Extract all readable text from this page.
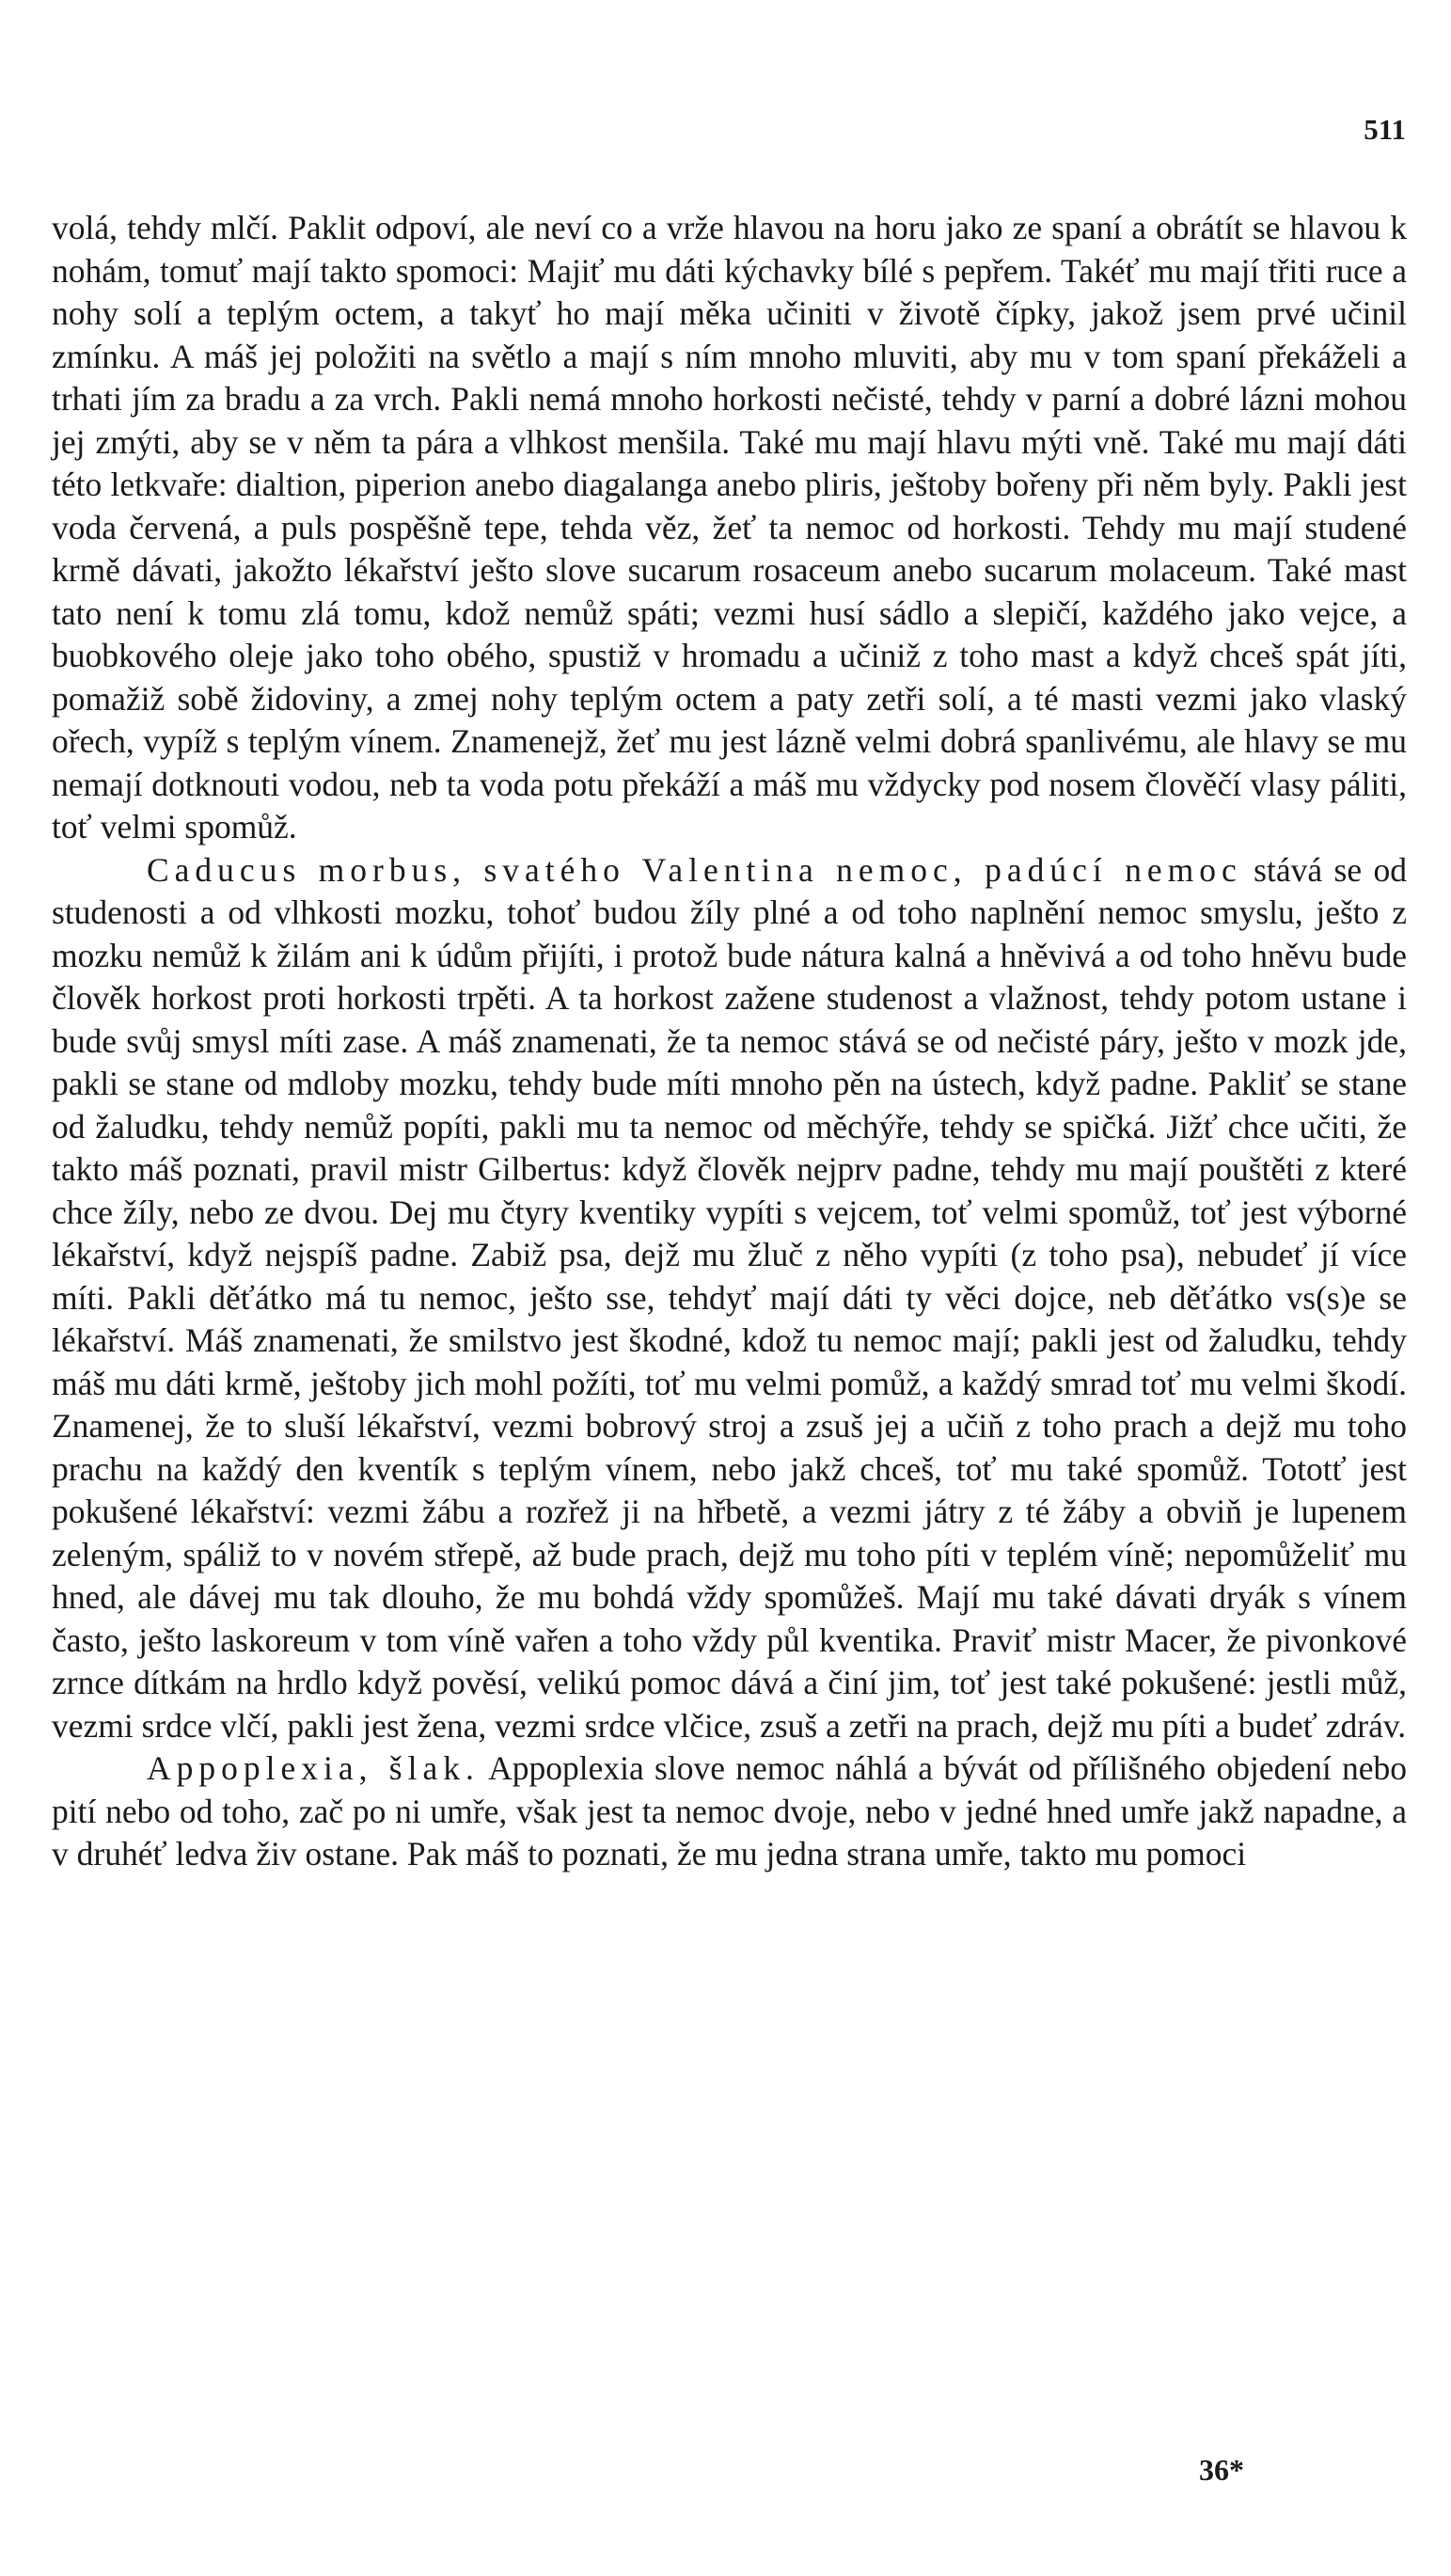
511

volá, tehdy mlčí. Paklit odpoví, ale neví co a vrže hlavou na horu jako ze spaní a obrátít se hlavou k nohám, tomuť mají takto spomoci: Majiť mu dáti kýchavky bílé s pepřem. Takéť mu mají třiti ruce a nohy solí a teplým octem, a takyť ho mají měka učiniti v životě čípky, jakož jsem prvé učinil zmínku. A máš jej položiti na světlo a mají s ním mnoho mluviti, aby mu v tom spaní překáželi a trhati jím za bradu a za vrch. Pakli nemá mnoho horkosti nečisté, tehdy v parní a dobré lázni mohou jej zmýti, aby se v něm ta pára a vlhkost menšila. Také mu mají hlavu mýti vně. Také mu mají dáti této letkvaře: dialtion, piperion anebo diagalanga anebo pliris, ještoby bořeny při něm byly. Pakli jest voda červená, a puls pospěšně tepe, tehda věz, žeť ta nemoc od horkosti. Tehdy mu mají studené krmě dávati, jakožto lékařství ješto slove sucarum rosaceum anebo sucarum molaceum. Také mast tato není k tomu zlá tomu, kdož nemůž spáti; vezmi husí sádlo a slepičí, každého jako vejce, a buobkového oleje jako toho obého, spustiž v hromadu a učiniž z toho mast a když chceš spát jíti, pomažiž sobě židoviny, a zmej nohy teplým octem a paty zetři solí, a té masti vezmi jako vlaský ořech, vypíž s teplým vínem. Znamenejž, žeť mu jest lázně velmi dobrá spanlivému, ale hlavy se mu nemají dotknouti vodou, neb ta voda potu překáží a máš mu vždycky pod nosem člověčí vlasy páliti, toť velmi spomůž.

Caducus morbus, svatého Valentina nemoc, padúcí nemoc stává se od studenosti a od vlhkosti mozku, tohoť budou žíly plné a od toho naplnění nemoc smyslu, ješto z mozku nemůž k žilám ani k údům přijíti, i protož bude nátura kalná a hněvivá a od toho hněvu bude člověk horkost proti horkosti trpěti. A ta horkost zažene studenost a vlažnost, tehdy potom ustane i bude svůj smysl míti zase. A máš znamenati, že ta nemoc stává se od nečisté páry, ješto v mozk jde, pakli se stane od mdloby mozku, tehdy bude míti mnoho pěn na ústech, když padne. Pakliť se stane od žaludku, tehdy nemůž popíti, pakli mu ta nemoc od měchýře, tehdy se spičká. Jižť chce učiti, že takto máš poznati, pravil mistr Gilbertus: když člověk nejprv padne, tehdy mu mají pouštěti z které chce žíly, nebo ze dvou. Dej mu čtyry kventiky vypíti s vejcem, toť velmi spomůž, toť jest výborné lékařství, když nejspíš padne. Zabiž psa, dejž mu žluč z něho vypíti (z toho psa), nebudeť jí více míti. Pakli děťátko má tu nemoc, ješto sse, tehdyť mají dáti ty věci dojce, neb děťátko vs(s)e se lékařství. Máš znamenati, že smilstvo jest škodné, kdož tu nemoc mají; pakli jest od žaludku, tehdy máš mu dáti krmě, ještoby jich mohl požíti, toť mu velmi pomůž, a každý smrad toť mu velmi škodí. Znamenej, že to sluší lékařství, vezmi bobrový stroj a zsuš jej a učiň z toho prach a dejž mu toho prachu na každý den kventík s teplým vínem, nebo jakž chceš, toť mu také spomůž. Tototť jest pokušené lékařství: vezmi žábu a rozřež ji na hřbetě, a vezmi játry z té žáby a obviň je lupenem zeleným, spáliž to v novém střepě, až bude prach, dejž mu toho píti v teplém víně; nepomůželiť mu hned, ale dávej mu tak dlouho, že mu bohdá vždy spomůžeš. Mají mu také dávati dryák s vínem často, ješto laskoreum v tom víně vařen a toho vždy půl kventika. Praviť mistr Macer, že pivonkové zrnce dítkám na hrdlo když pověsí, velikú pomoc dává a činí jim, toť jest také pokušené: jestli můž, vezmi srdce vlčí, pakli jest žena, vezmi srdce vlčice, zsuš a zetři na prach, dejž mu píti a budeť zdráv.

Appoplexia, šlak. Appoplexia slove nemoc náhlá a bývát od přílišného objedení nebo pití nebo od toho, zač po ni umře, však jest ta nemoc dvoje, nebo v jedné hned umře jakž napadne, a v druhéť ledva živ ostane. Pak máš to poznati, že mu jedna strana umře, takto mu pomoci

36*
